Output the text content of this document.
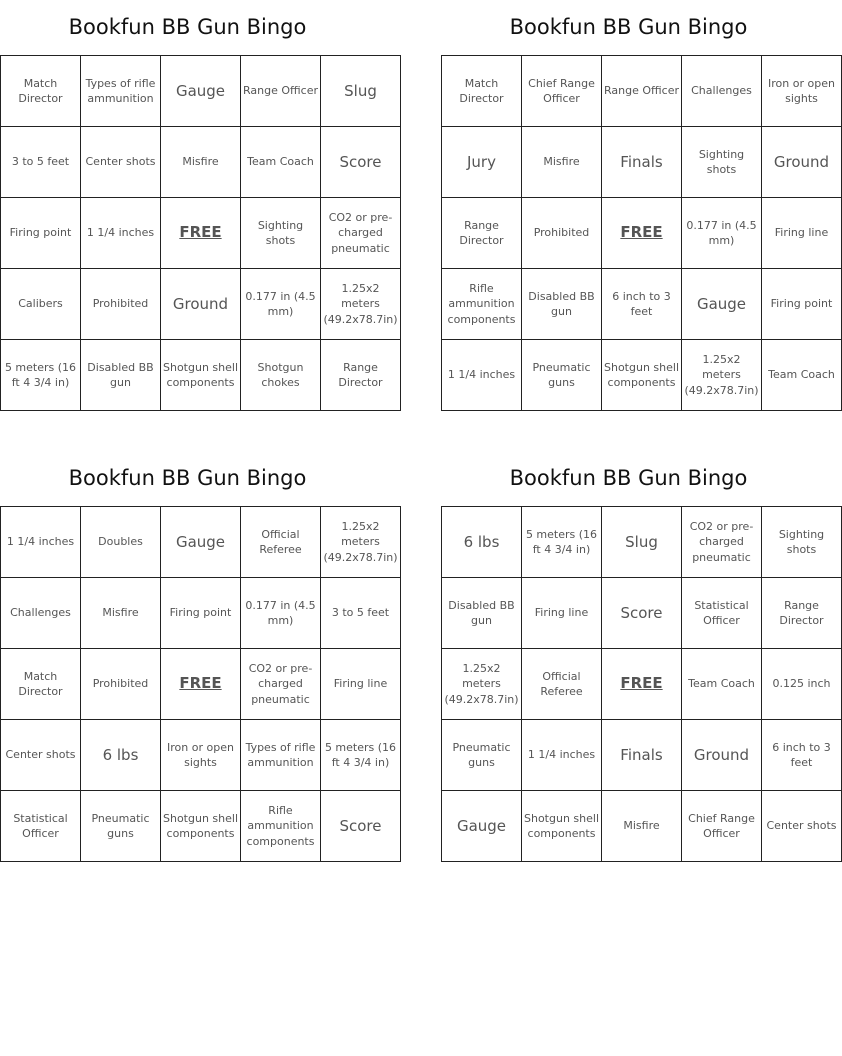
Bookfun BB Gun Bingo
Match Director	Types of rifle ammunition	Gauge	Range Officer	Slug
3 to 5 feet	Center shots	Misfire	Team Coach	Score
Firing point	1 1/4 inches	FREE	Sighting shots	CO2 or pre-charged pneumatic
Calibers	Prohibited	Ground	0.177 in (4.5 mm)	1.25x2 meters (49.2x78.7in)
5 meters (16 ft 4 3/4 in)	Disabled BB gun	Shotgun shell components	Shotgun chokes	Range Director
Bookfun BB Gun Bingo
Match Director	Chief Range Officer	Range Officer	Challenges	Iron or open sights
Jury	Misfire	Finals	Sighting shots	Ground
Range Director	Prohibited	FREE	0.177 in (4.5 mm)	Firing line
Rifle ammunition components	Disabled BB gun	6 inch to 3 feet	Gauge	Firing point
1 1/4 inches	Pneumatic guns	Shotgun shell components	1.25x2 meters (49.2x78.7in)	Team Coach
Bookfun BB Gun Bingo
1 1/4 inches	Doubles	Gauge	Official Referee	1.25x2 meters (49.2x78.7in)
Challenges	Misfire	Firing point	0.177 in (4.5 mm)	3 to 5 feet
Match Director	Prohibited	FREE	CO2 or pre-charged pneumatic	Firing line
Center shots	6 lbs	Iron or open sights	Types of rifle ammunition	5 meters (16 ft 4 3/4 in)
Statistical Officer	Pneumatic guns	Shotgun shell components	Rifle ammunition components	Score
Bookfun BB Gun Bingo
6 lbs	5 meters (16 ft 4 3/4 in)	Slug	CO2 or pre-charged pneumatic	Sighting shots
Disabled BB gun	Firing line	Score	Statistical Officer	Range Director
1.25x2 meters (49.2x78.7in)	Official Referee	FREE	Team Coach	0.125 inch
Pneumatic guns	1 1/4 inches	Finals	Ground	6 inch to 3 feet
Gauge	Shotgun shell components	Misfire	Chief Range Officer	Center shots
